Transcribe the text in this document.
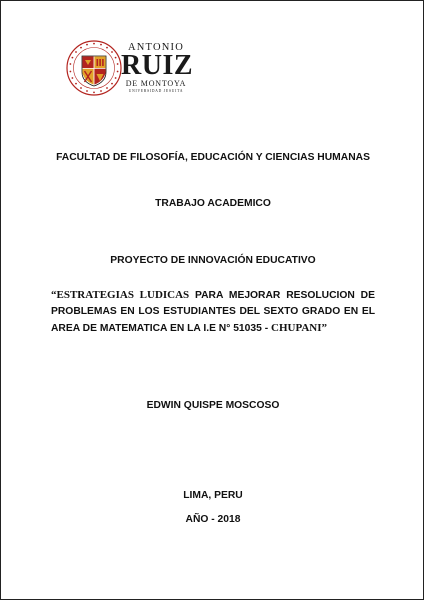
ANTONIO
RUIZ
DE MONTOYA
UNIVERSIDAD JESUITA
FACULTAD DE FILOSOFÍA, EDUCACIÓN Y CIENCIAS HUMANAS
TRABAJO ACADEMICO
PROYECTO DE INNOVACIÓN EDUCATIVO
“ESTRATEGIAS LUDICAS PARA MEJORAR RESOLUCION DE PROBLEMAS EN LOS ESTUDIANTES DEL SEXTO GRADO EN EL AREA DE MATEMATICA EN LA I.E N° 51035 - CHUPANI”
EDWIN QUISPE MOSCOSO
LIMA, PERU
AÑO - 2018
